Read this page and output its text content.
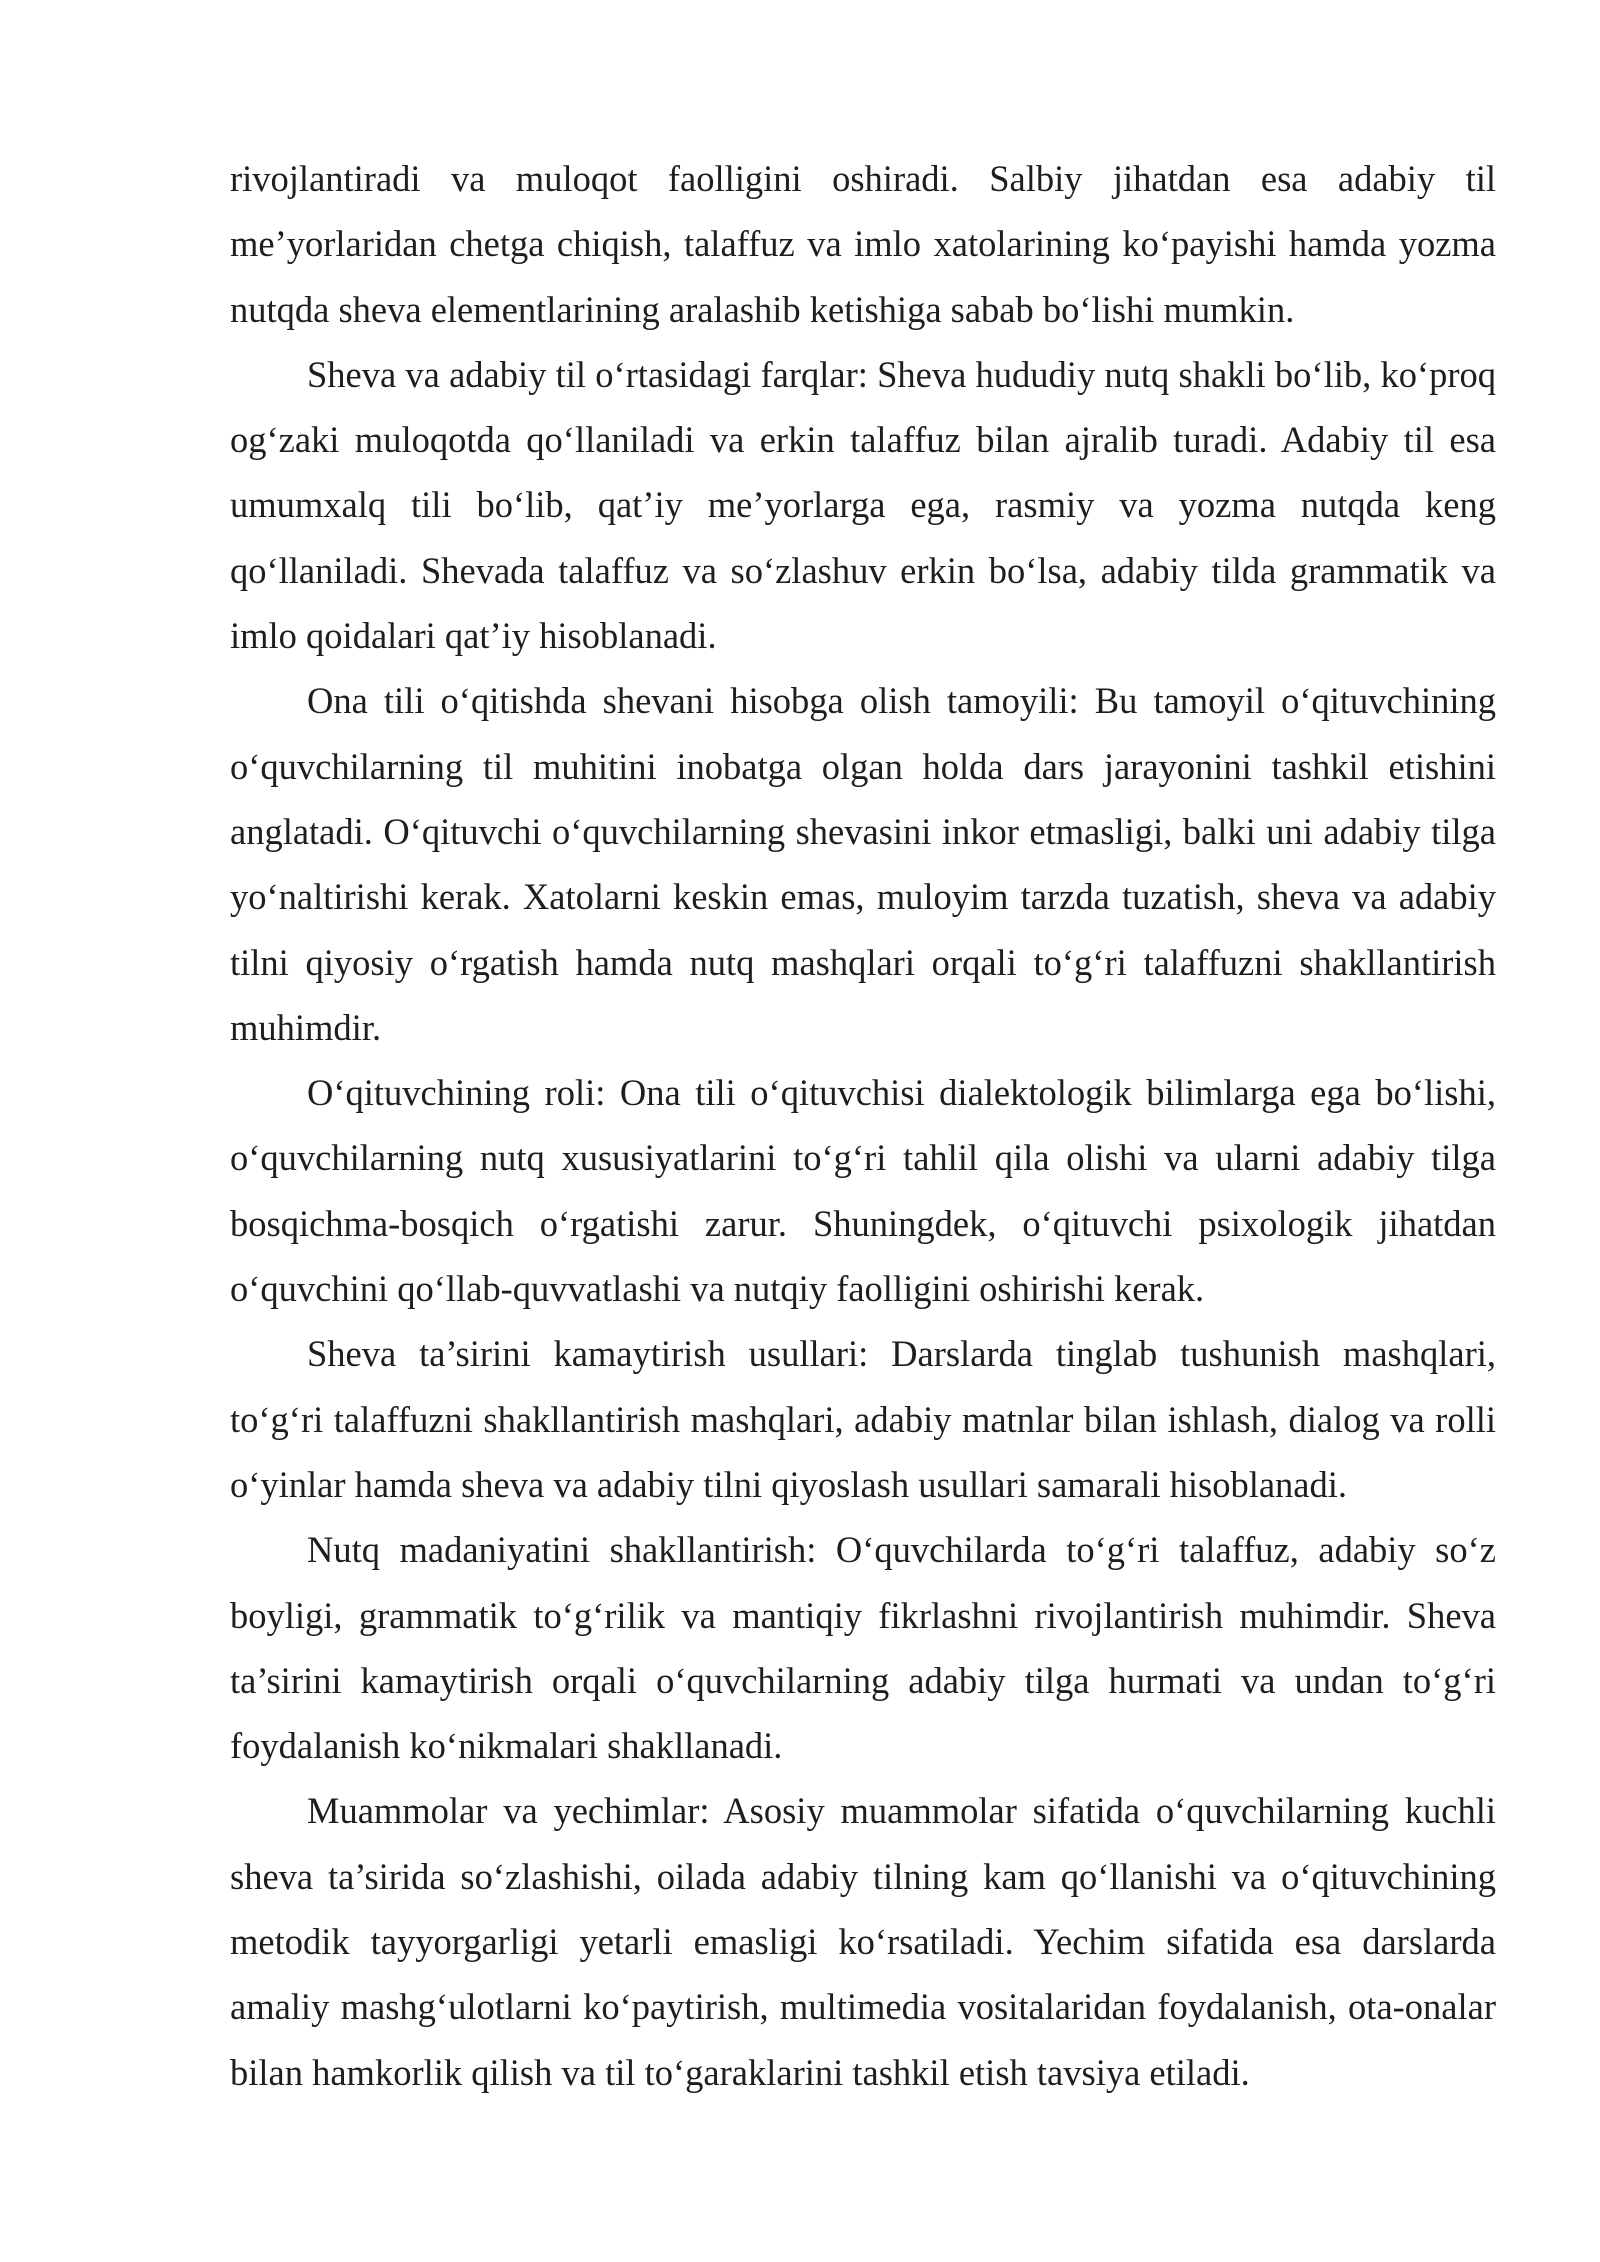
rivojlantiradi va muloqot faolligini oshiradi. Salbiy jihatdan esa adabiy til me’yorlaridan chetga chiqish, talaffuz va imlo xatolarining ko‘payishi hamda yozma nutqda sheva elementlarining aralashib ketishiga sabab bo‘lishi mumkin.

Sheva va adabiy til o‘rtasidagi farqlar: Sheva hududiy nutq shakli bo‘lib, ko‘proq og‘zaki muloqotda qo‘llaniladi va erkin talaffuz bilan ajralib turadi. Adabiy til esa umumxalq tili bo‘lib, qat’iy me’yorlarga ega, rasmiy va yozma nutqda keng qo‘llaniladi. Shevada talaffuz va so‘zlashuv erkin bo‘lsa, adabiy tilda grammatik va imlo qoidalari qat’iy hisoblanadi.

Ona tili o‘qitishda shevani hisobga olish tamoyili: Bu tamoyil o‘qituvchining o‘quvchilarning til muhitini inobatga olgan holda dars jarayonini tashkil etishini anglatadi. O‘qituvchi o‘quvchilarning shevasini inkor etmasligi, balki uni adabiy tilga yo‘naltirishi kerak. Xatolarni keskin emas, muloyim tarzda tuzatish, sheva va adabiy tilni qiyosiy o‘rgatish hamda nutq mashqlari orqali to‘g‘ri talaffuzni shakllantirish muhimdir.

O‘qituvchining roli: Ona tili o‘qituvchisi dialektologik bilimlarga ega bo‘lishi, o‘quvchilarning nutq xususiyatlarini to‘g‘ri tahlil qila olishi va ularni adabiy tilga bosqichma-bosqich o‘rgatishi zarur. Shuningdek, o‘qituvchi psixologik jihatdan o‘quvchini qo‘llab-quvvatlashi va nutqiy faolligini oshirishi kerak.

Sheva ta’sirini kamaytirish usullari: Darslarda tinglab tushunish mashqlari, to‘g‘ri talaffuzni shakllantirish mashqlari, adabiy matnlar bilan ishlash, dialog va rolli o‘yinlar hamda sheva va adabiy tilni qiyoslash usullari samarali hisoblanadi.

Nutq madaniyatini shakllantirish: O‘quvchilarda to‘g‘ri talaffuz, adabiy so‘z boyligi, grammatik to‘g‘rilik va mantiqiy fikrlashni rivojlantirish muhimdir. Sheva ta’sirini kamaytirish orqali o‘quvchilarning adabiy tilga hurmati va undan to‘g‘ri foydalanish ko‘nikmalari shakllanadi.

Muammolar va yechimlar: Asosiy muammolar sifatida o‘quvchilarning kuchli sheva ta’sirida so‘zlashishi, oilada adabiy tilning kam qo‘llanishi va o‘qituvchining metodik tayyorgarligi yetarli emasligi ko‘rsatiladi. Yechim sifatida esa darslarda amaliy mashg‘ulotlarni ko‘paytirish, multimedia vositalaridan foydalanish, ota-onalar bilan hamkorlik qilish va til to‘garaklarini tashkil etish tavsiya etiladi.
